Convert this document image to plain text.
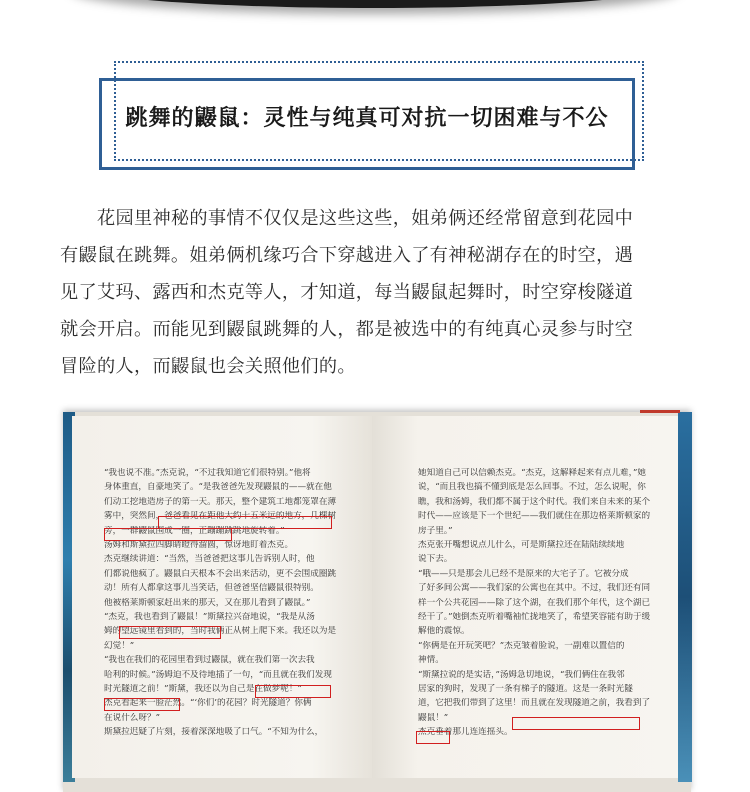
跳舞的鼹鼠：灵性与纯真可对抗一切困难与不公
　　花园里神秘的事情不仅仅是这些这些，姐弟俩还经常留意到花园中
有鼹鼠在跳舞。姐弟俩机缘巧合下穿越进入了有神秘湖存在的时空，遇
见了艾玛、露西和杰克等人，才知道，每当鼹鼠起舞时，时空穿梭隧道
就会开启。而能见到鼹鼠跳舞的人，都是被选中的有纯真心灵参与时空
冒险的人，而鼹鼠也会关照他们的。
“我也说不准。”杰克说，“不过我知道它们很特别。”他将
身体重直，自豪地笑了。“是我爸爸先发现鼹鼠的——就在他
们动工挖地造房子的第一天。那天，整个建筑工地都笼罩在薄
雾中，突然间，爸爸看见在距他大约十五米远的地方，几棵树
旁，一群鼹鼠围成一圈，正蹦蹦跳跳地旋转着。”
汤姆和斯黛拉四脚睛瞪得溜圆，惊讶地盯着杰克。
杰克继续讲道：“当然，当爸爸把这事儿告诉别人时，他
们都说他疯了。鼹鼠白天根本不会出来活动，更不会围成圈跳
动！所有人都拿这事儿当笑话，但爸爸坚信鼹鼠很特别。
他被格莱斯顿家赶出来的那天，又在那儿看到了鼹鼠。”
“杰克，我也看到了鼹鼠！”斯黛拉兴奋地说，“我是从汤
姆的望远镜里看到的，当时我俩正从树上爬下来。我还以为是
幻觉！”
“我也在我们的花园里看到过鼹鼠，就在我们第一次去我
哈利的时候。”汤姆迫不及待地插了一句，“而且就在我们发现
时光隧道之前！”斯黛，我还以为自己是在做梦呢！”
杰克看起来一脸茫然。“‘你们’的花园？时光隧道？你俩
在说什么呀？”
斯黛拉迟疑了片刻，接着深深地吸了口气。“不知为什么，
她知道自己可以信赖杰克。“杰克，这解释起来有点儿难，”她
说，“而且我也搞不懂到底是怎么回事。不过，怎么说呢，你
瞧，我和汤姆，我们都不属于这个时代。我们来自未来的某个
时代——应该是下一个世纪——我们就住在那边格莱斯顿家的
房子里。”
杰克张开嘴想说点儿什么，可是斯黛拉还在陆陆续续地
说下去。
“哦——只是那会儿已经不是原来的大宅子了。它被分成
了好多间公寓——我们家的公寓也在其中。不过，我们还有同
样一个公共花园——除了这个湖，在我们那个年代，这个湖已
经干了。”她倒杰克听着嘴袖忙拢地笑了，希望笑容能有助于缓
解他的震惊。
“你俩是在开玩笑吧？”杰克皱着脸说，一副难以置信的
神情。
“斯黛拉说的是实话，”汤姆急切地说，“我们俩住在我邻
居家的狗时，发现了一条有梯子的隧道。这是一条时光隧
道，它把我们带到了这里！而且就在发现隧道之前，我看到了
鼹鼠！”
杰克垂着那儿连连摇头。
